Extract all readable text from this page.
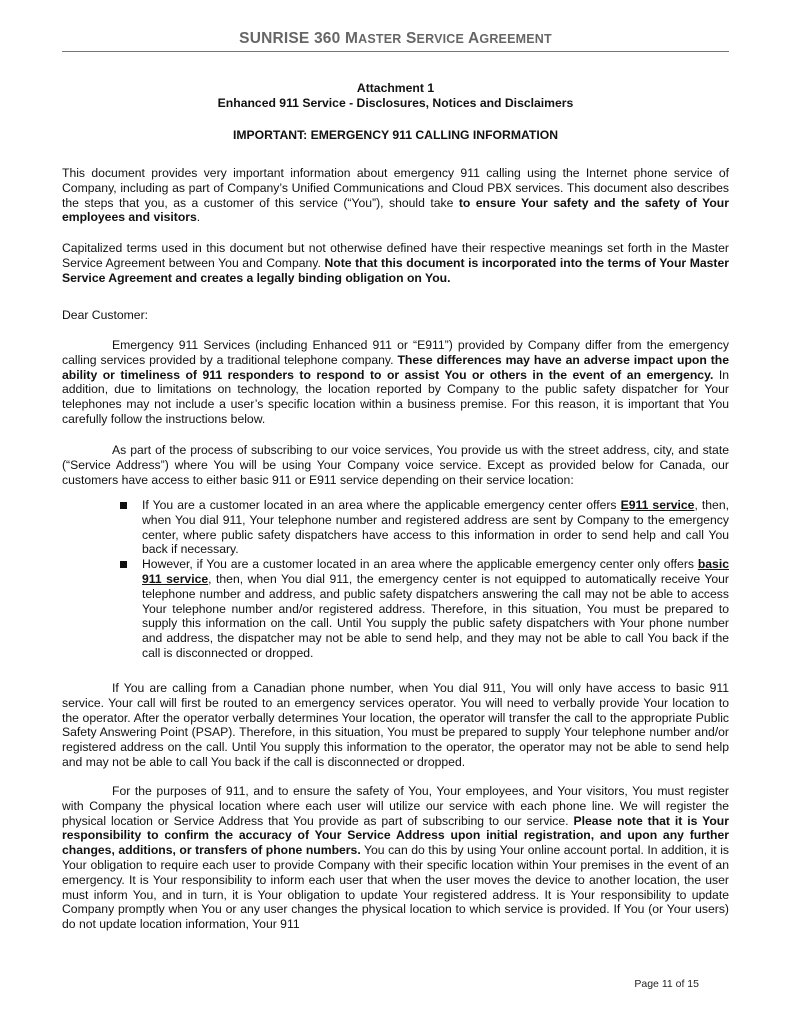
SUNRISE 360 MASTER SERVICE AGREEMENT
Attachment 1
Enhanced 911 Service - Disclosures, Notices and Disclaimers
IMPORTANT: EMERGENCY 911 CALLING INFORMATION

This document provides very important information about emergency 911 calling using the Internet phone service of Company, including as part of Company’s Unified Communications and Cloud PBX services. This document also describes the steps that you, as a customer of this service (“You”), should take to ensure Your safety and the safety of Your employees and visitors.

Capitalized terms used in this document but not otherwise defined have their respective meanings set forth in the Master Service Agreement between You and Company. Note that this document is incorporated into the terms of Your Master Service Agreement and creates a legally binding obligation on You.

Dear Customer:

Emergency 911 Services (including Enhanced 911 or “E911”) provided by Company differ from the emergency calling services provided by a traditional telephone company. These differences may have an adverse impact upon the ability or timeliness of 911 responders to respond to or assist You or others in the event of an emergency. In addition, due to limitations on technology, the location reported by Company to the public safety dispatcher for Your telephones may not include a user’s specific location within a business premise. For this reason, it is important that You carefully follow the instructions below.

As part of the process of subscribing to our voice services, You provide us with the street address, city, and state (“Service Address”) where You will be using Your Company voice service. Except as provided below for Canada, our customers have access to either basic 911 or E911 service depending on their service location:

If You are a customer located in an area where the applicable emergency center offers E911 service, then, when You dial 911, Your telephone number and registered address are sent by Company to the emergency center, where public safety dispatchers have access to this information in order to send help and call You back if necessary.
However, if You are a customer located in an area where the applicable emergency center only offers basic 911 service, then, when You dial 911, the emergency center is not equipped to automatically receive Your telephone number and address, and public safety dispatchers answering the call may not be able to access Your telephone number and/or registered address. Therefore, in this situation, You must be prepared to supply this information on the call. Until You supply the public safety dispatchers with Your phone number and address, the dispatcher may not be able to send help, and they may not be able to call You back if the call is disconnected or dropped.

If You are calling from a Canadian phone number, when You dial 911, You will only have access to basic 911 service. Your call will first be routed to an emergency services operator. You will need to verbally provide Your location to the operator. After the operator verbally determines Your location, the operator will transfer the call to the appropriate Public Safety Answering Point (PSAP). Therefore, in this situation, You must be prepared to supply Your telephone number and/or registered address on the call. Until You supply this information to the operator, the operator may not be able to send help and may not be able to call You back if the call is disconnected or dropped.

For the purposes of 911, and to ensure the safety of You, Your employees, and Your visitors, You must register with Company the physical location where each user will utilize our service with each phone line. We will register the physical location or Service Address that You provide as part of subscribing to our service. Please note that it is Your responsibility to confirm the accuracy of Your Service Address upon initial registration, and upon any further changes, additions, or transfers of phone numbers. You can do this by using Your online account portal. In addition, it is Your obligation to require each user to provide Company with their specific location within Your premises in the event of an emergency. It is Your responsibility to inform each user that when the user moves the device to another location, the user must inform You, and in turn, it is Your obligation to update Your registered address. It is Your responsibility to update Company promptly when You or any user changes the physical location to which service is provided. If You (or Your users) do not update location information, Your 911

Page 11 of 15
